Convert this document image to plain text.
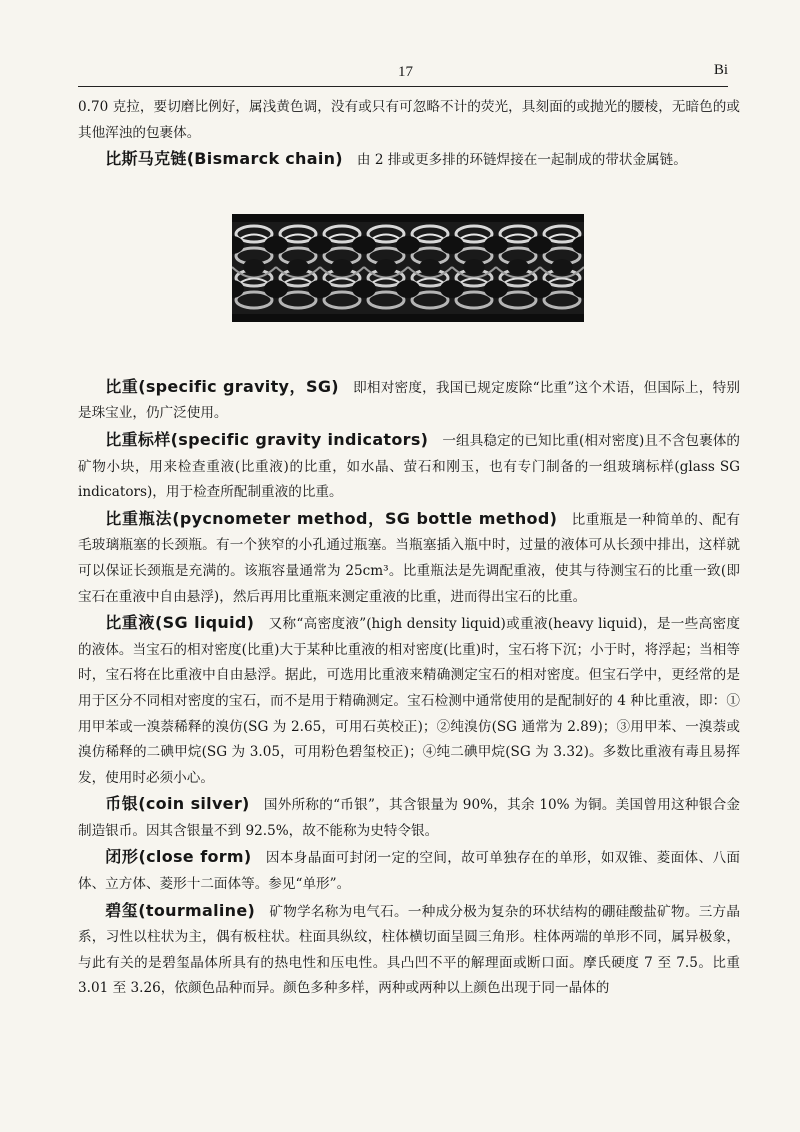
17	Bi

0.70 克拉，要切磨比例好，属浅黄色调，没有或只有可忽略不计的荧光，具刻面的或抛光的腰棱，无暗色的或其他浑浊的包裹体。

比斯马克链(Bismarck chain) 由 2 排或更多排的环链焊接在一起制成的带状金属链。

比重(specific gravity，SG) 即相对密度，我国已规定废除“比重”这个术语，但国际上，特别是珠宝业，仍广泛使用。

比重标样(specific gravity indicators) 一组具稳定的已知比重(相对密度)且不含包裹体的矿物小块，用来检查重液(比重液)的比重，如水晶、萤石和刚玉，也有专门制备的一组玻璃标样(glass SG indicators)，用于检查所配制重液的比重。

比重瓶法(pycnometer method，SG bottle method) 比重瓶是一种简单的、配有毛玻璃瓶塞的长颈瓶。有一个狭窄的小孔通过瓶塞。当瓶塞插入瓶中时，过量的液体可从长颈中排出，这样就可以保证长颈瓶是充满的。该瓶容量通常为 25cm³。比重瓶法是先调配重液，使其与待测宝石的比重一致(即宝石在重液中自由悬浮)，然后再用比重瓶来测定重液的比重，进而得出宝石的比重。

比重液(SG liquid) 又称“高密度液”(high density liquid)或重液(heavy liquid)，是一些高密度的液体。当宝石的相对密度(比重)大于某种比重液的相对密度(比重)时，宝石将下沉；小于时，将浮起；当相等时，宝石将在比重液中自由悬浮。据此，可选用比重液来精确测定宝石的相对密度。但宝石学中，更经常的是用于区分不同相对密度的宝石，而不是用于精确测定。宝石检测中通常使用的是配制好的 4 种比重液，即：①用甲苯或一溴萘稀释的溴仿(SG 为 2.65，可用石英校正)；②纯溴仿(SG 通常为 2.89)；③用甲苯、一溴萘或溴仿稀释的二碘甲烷(SG 为 3.05，可用粉色碧玺校正)；④纯二碘甲烷(SG 为 3.32)。多数比重液有毒且易挥发，使用时必须小心。

币银(coin silver) 国外所称的“币银”，其含银量为 90%，其余 10% 为铜。美国曾用这种银合金制造银币。因其含银量不到 92.5%，故不能称为史特令银。

闭形(close form) 因本身晶面可封闭一定的空间，故可单独存在的单形，如双锥、菱面体、八面体、立方体、菱形十二面体等。参见“单形”。

碧玺(tourmaline) 矿物学名称为电气石。一种成分极为复杂的环状结构的硼硅酸盐矿物。三方晶系，习性以柱状为主，偶有板柱状。柱面具纵纹，柱体横切面呈圆三角形。柱体两端的单形不同，属异极象，与此有关的是碧玺晶体所具有的热电性和压电性。具凸凹不平的解理面或断口面。摩氏硬度 7 至 7.5。比重 3.01 至 3.26，依颜色品种而异。颜色多种多样，两种或两种以上颜色出现于同一晶体的
